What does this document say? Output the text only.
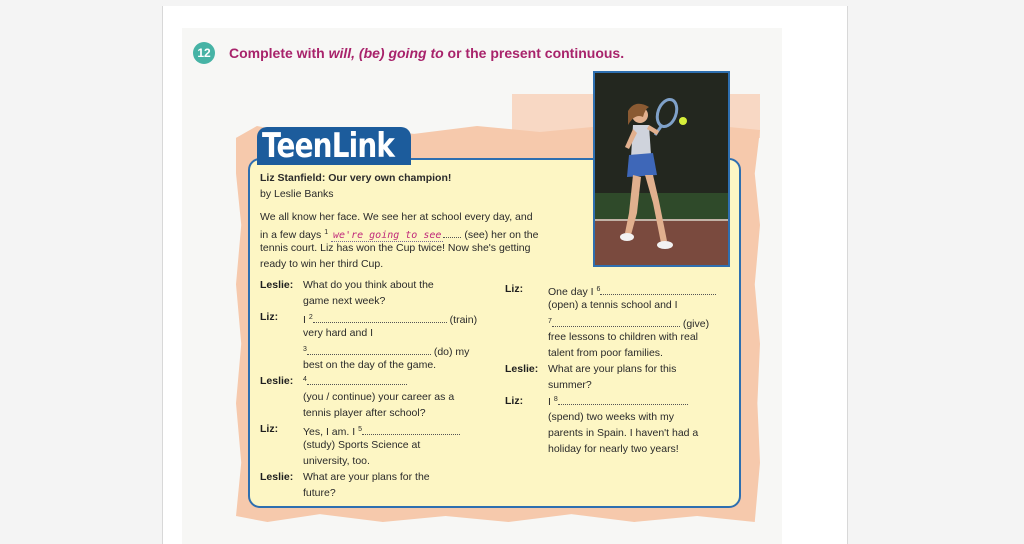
12	Complete with will, (be) going to or the present continuous.
TeenLink
Liz Stanfield: Our very own champion!
by Leslie Banks
We all know her face. We see her at school every day, and
in a few days $^1$ we're going to see (see) her on the
tennis court. Liz has won the Cup twice! Now she's getting
ready to win her third Cup.
Leslie: What do you think about the
game next week?
Liz: I $^2$	(train)
very hard and I
$^3$	(do) my
best on the day of the game.
Leslie: $^4$
(you / continue) your career as a
tennis player after school?
Liz: Yes, I am. I $^5$
(study) Sports Science at
university, too.
Leslie: What are your plans for the
future?
Liz: One day I $^6$
(open) a tennis school and I
$^7$	(give)
free lessons to children with real
talent from poor families.
Leslie: What are your plans for this
summer?
Liz: I $^8$
(spend) two weeks with my
parents in Spain. I haven't had a
holiday for nearly two years!
